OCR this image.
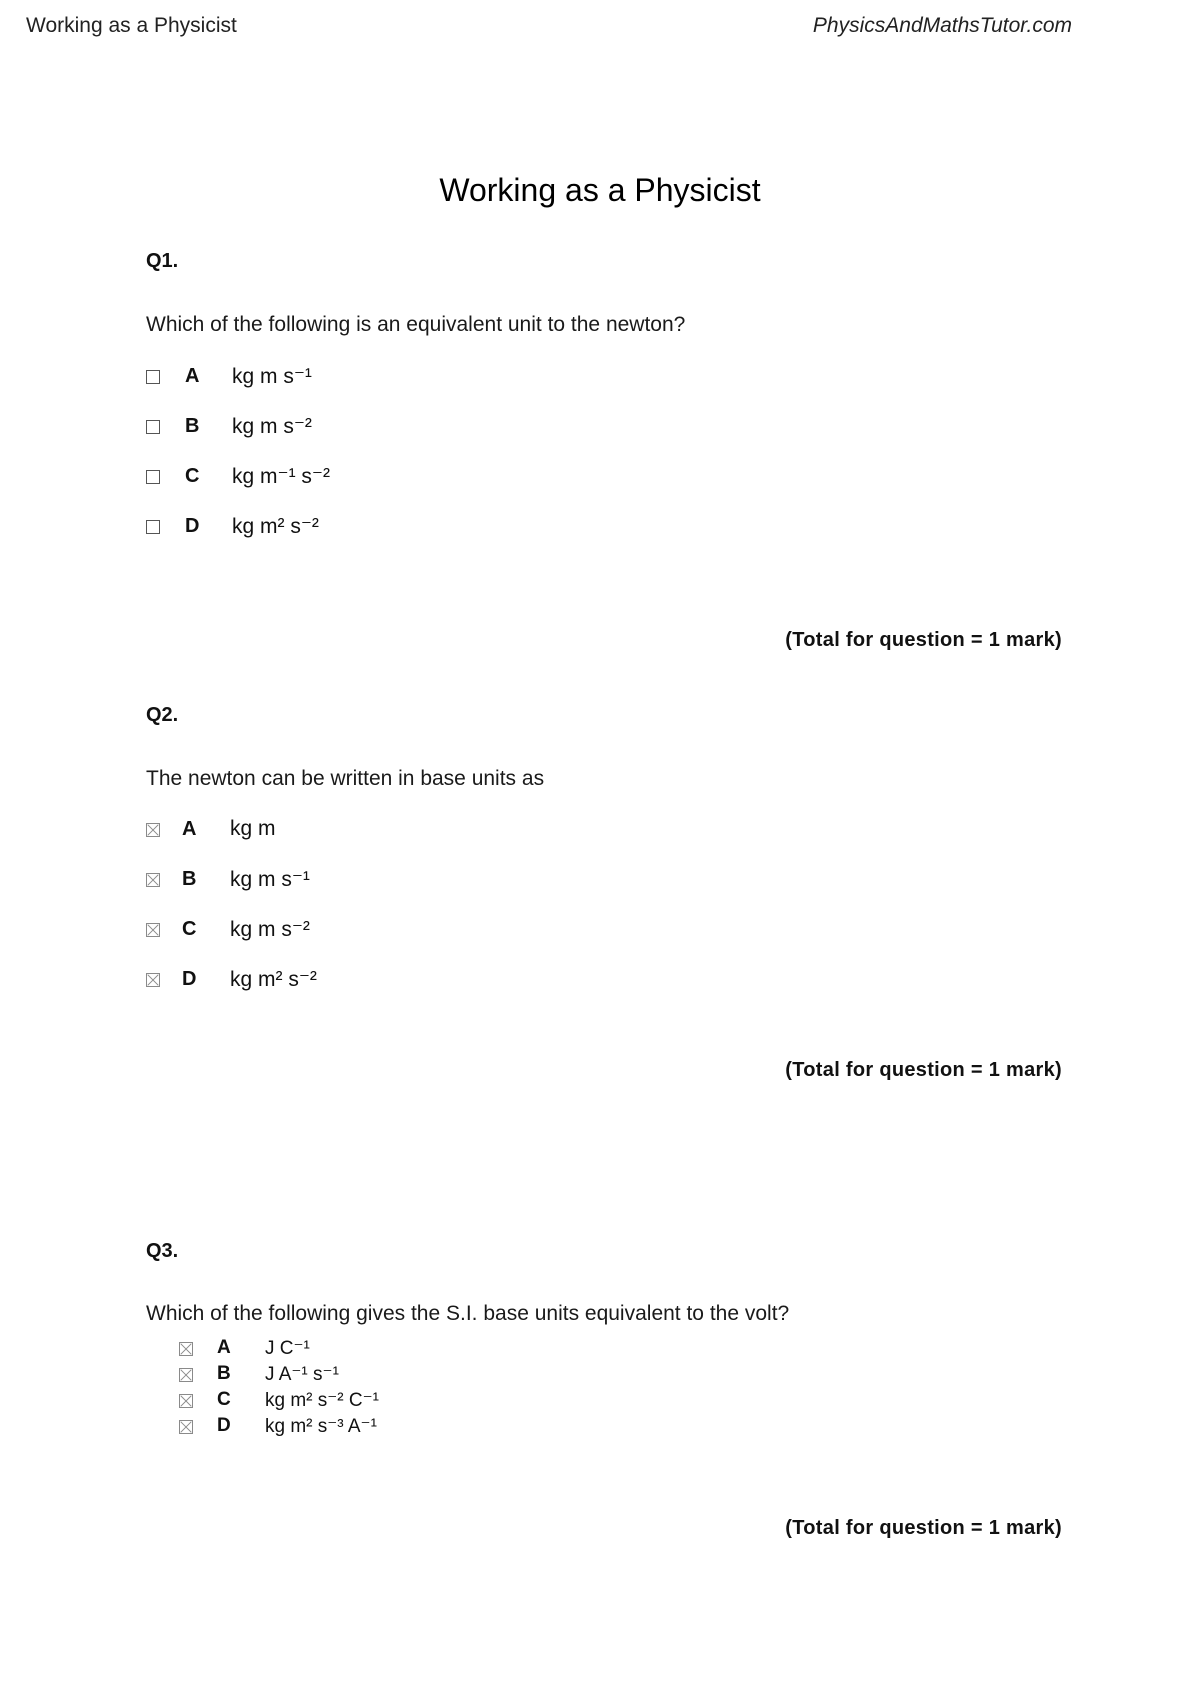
Working as a Physicist	PhysicsAndMathsTutor.com
Working as a Physicist
Q1.
Which of the following is an equivalent unit to the newton?
A kg m s⁻¹
B kg m s⁻²
C kg m⁻¹ s⁻²
D kg m² s⁻²
(Total for question = 1 mark)
Q2.
The newton can be written in base units as
A kg m
B kg m s⁻¹
C kg m s⁻²
D kg m² s⁻²
(Total for question = 1 mark)
Q3.
Which of the following gives the S.I. base units equivalent to the volt?
A J C⁻¹
B J A⁻¹ s⁻¹
C kg m² s⁻² C⁻¹
D kg m² s⁻³ A⁻¹
(Total for question = 1 mark)
